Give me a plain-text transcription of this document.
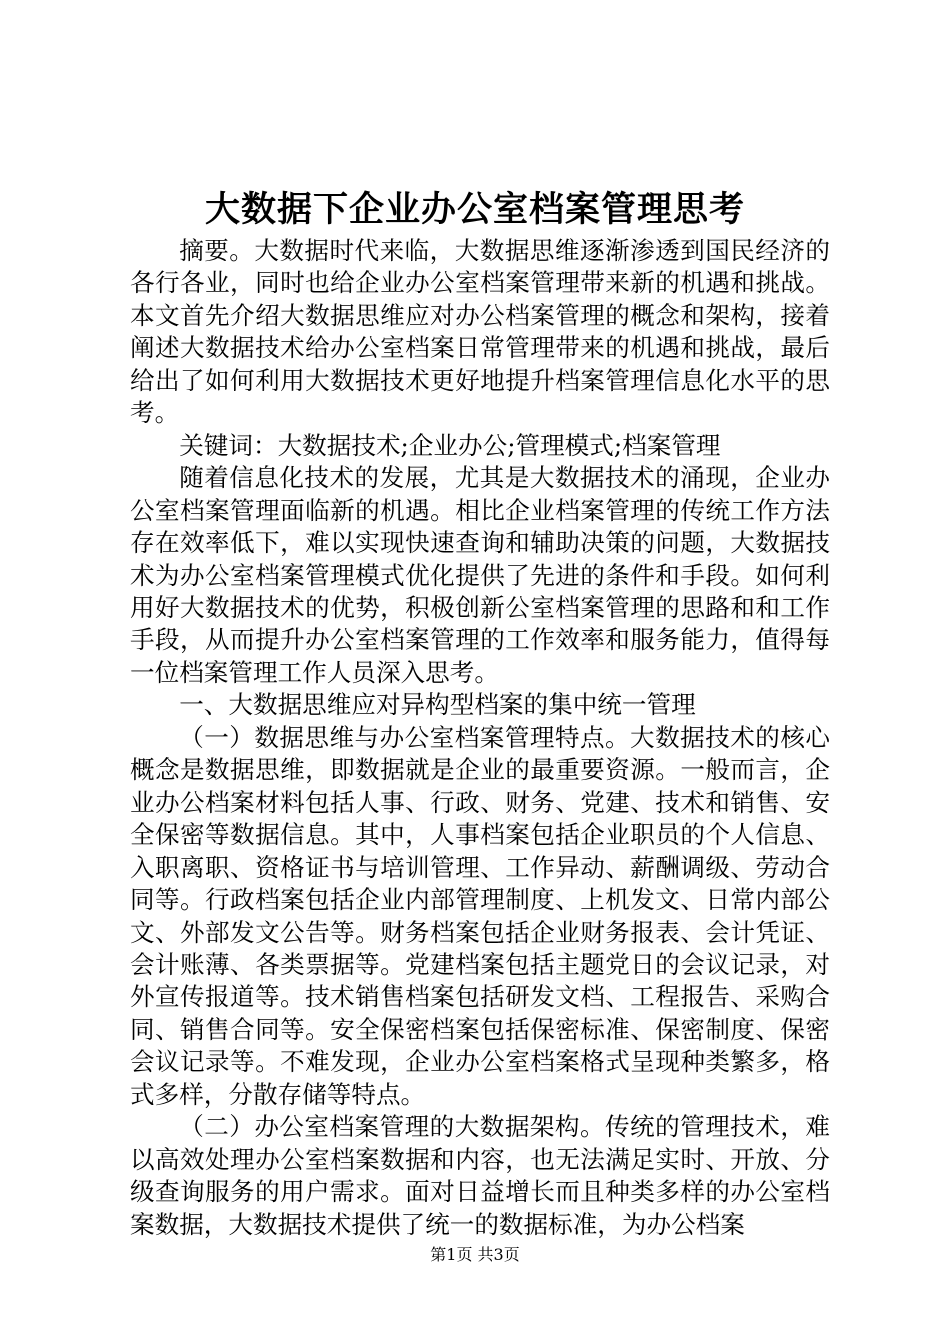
大数据下企业办公室档案管理思考

摘要。大数据时代来临，大数据思维逐渐渗透到国民经济的各行各业，同时也给企业办公室档案管理带来新的机遇和挑战。本文首先介绍大数据思维应对办公档案管理的概念和架构，接着阐述大数据技术给办公室档案日常管理带来的机遇和挑战，最后给出了如何利用大数据技术更好地提升档案管理信息化水平的思考。

关键词：大数据技术;企业办公;管理模式;档案管理

随着信息化技术的发展，尤其是大数据技术的涌现，企业办公室档案管理面临新的机遇。相比企业档案管理的传统工作方法存在效率低下，难以实现快速查询和辅助决策的问题，大数据技术为办公室档案管理模式优化提供了先进的条件和手段。如何利用好大数据技术的优势，积极创新公室档案管理的思路和和工作手段，从而提升办公室档案管理的工作效率和服务能力，值得每一位档案管理工作人员深入思考。

一、大数据思维应对异构型档案的集中统一管理

（一）数据思维与办公室档案管理特点。大数据技术的核心概念是数据思维，即数据就是企业的最重要资源。一般而言，企业办公档案材料包括人事、行政、财务、党建、技术和销售、安全保密等数据信息。其中，人事档案包括企业职员的个人信息、入职离职、资格证书与培训管理、工作异动、薪酬调级、劳动合同等。行政档案包括企业内部管理制度、上机发文、日常内部公文、外部发文公告等。财务档案包括企业财务报表、会计凭证、会计账薄、各类票据等。党建档案包括主题党日的会议记录，对外宣传报道等。技术销售档案包括研发文档、工程报告、采购合同、销售合同等。安全保密档案包括保密标准、保密制度、保密会议记录等。不难发现，企业办公室档案格式呈现种类繁多，格式多样，分散存储等特点。

（二）办公室档案管理的大数据架构。传统的管理技术，难以高效处理办公室档案数据和内容，也无法满足实时、开放、分级查询服务的用户需求。面对日益增长而且种类多样的办公室档案数据，大数据技术提供了统一的数据标准，为办公档案

第1页 共3页
